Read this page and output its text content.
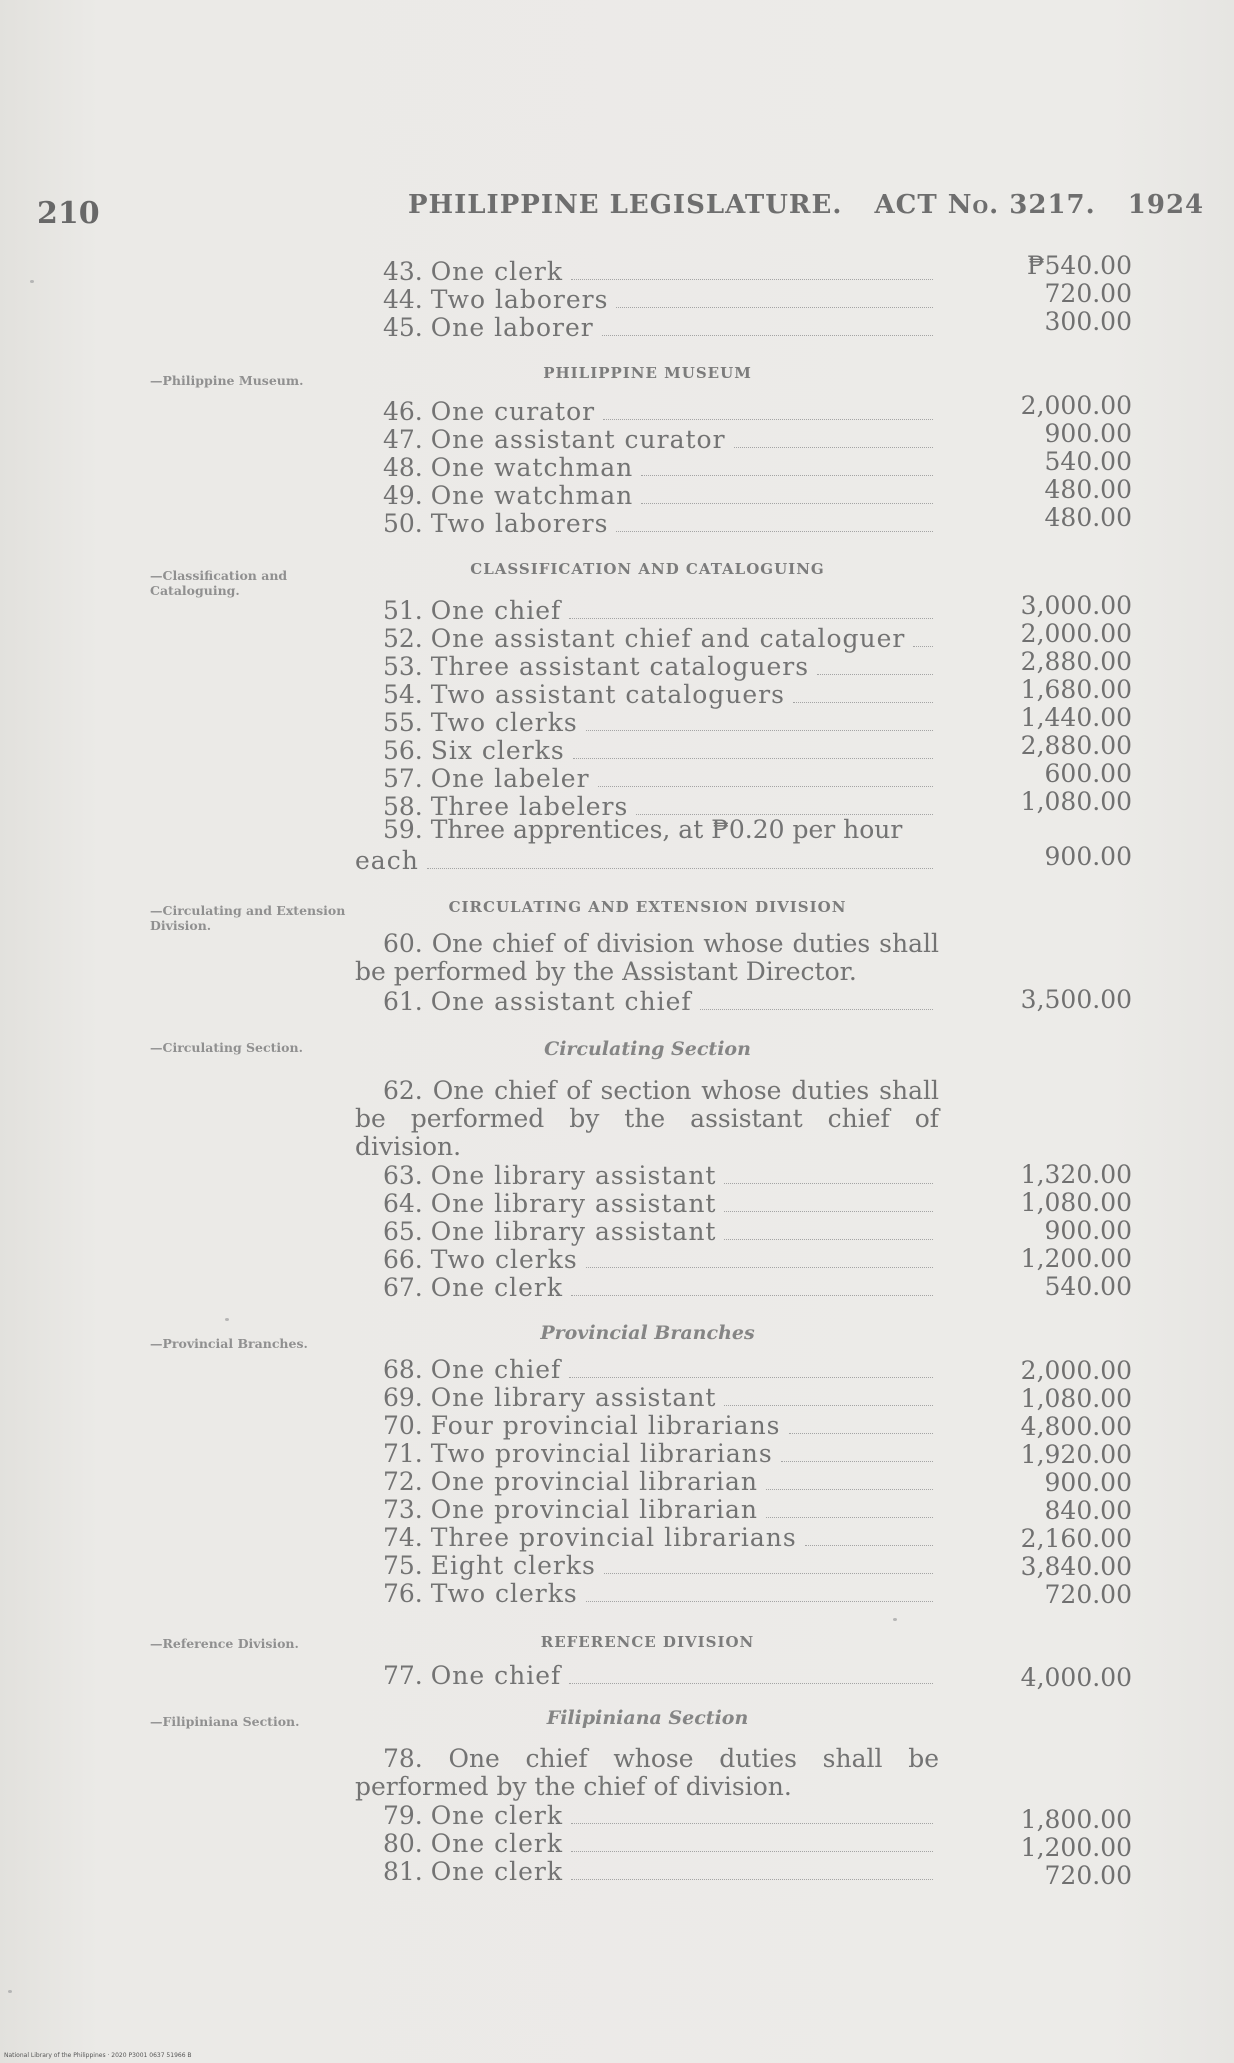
210	PHILIPPINE LEGISLATURE. ACT No. 3217. 1924
43. One clerk	₱540.00
44. Two laborers	720.00
45. One laborer	300.00
—Philippine Museum.	PHILIPPINE MUSEUM
46. One curator	2,000.00
47. One assistant curator	900.00
48. One watchman	540.00
49. One watchman	480.00
50. Two laborers	480.00
—Classification and Cataloguing.
CLASSIFICATION AND CATALOGUING
51. One chief	3,000.00
52. One assistant chief and cataloguer	2,000.00
53. Three assistant cataloguers	2,880.00
54. Two assistant cataloguers	1,680.00
55. Two clerks	1,440.00
56. Six clerks	2,880.00
57. One labeler	600.00
58. Three labelers	1,080.00
59. Three apprentices, at ₱0.20 per hour
each	900.00
—Circulating and Extension Division.
CIRCULATING AND EXTENSION DIVISION
60. One chief of division whose duties shall be performed by the Assistant Director.
61. One assistant chief	3,500.00
—Circulating Section.	Circulating Section
62. One chief of section whose duties shall be performed by the assistant chief of division.
63. One library assistant	1,320.00
64. One library assistant	1,080.00
65. One library assistant	900.00
66. Two clerks	1,200.00
67. One clerk	540.00
—Provincial Branches.	Provincial Branches
68. One chief	2,000.00
69. One library assistant	1,080.00
70. Four provincial librarians	4,800.00
71. Two provincial librarians	1,920.00
72. One provincial librarian	900.00
73. One provincial librarian	840.00
74. Three provincial librarians	2,160.00
75. Eight clerks	3,840.00
76. Two clerks	720.00
—Reference Division.	REFERENCE DIVISION
77. One chief	4,000.00
—Filipiniana Section.	Filipiniana Section
78. One chief whose duties shall be performed by the chief of division.
79. One clerk	1,800.00
80. One clerk	1,200.00
81. One clerk	720.00
National Library of the Philippines · 2020 P3001 0637 51966 B
